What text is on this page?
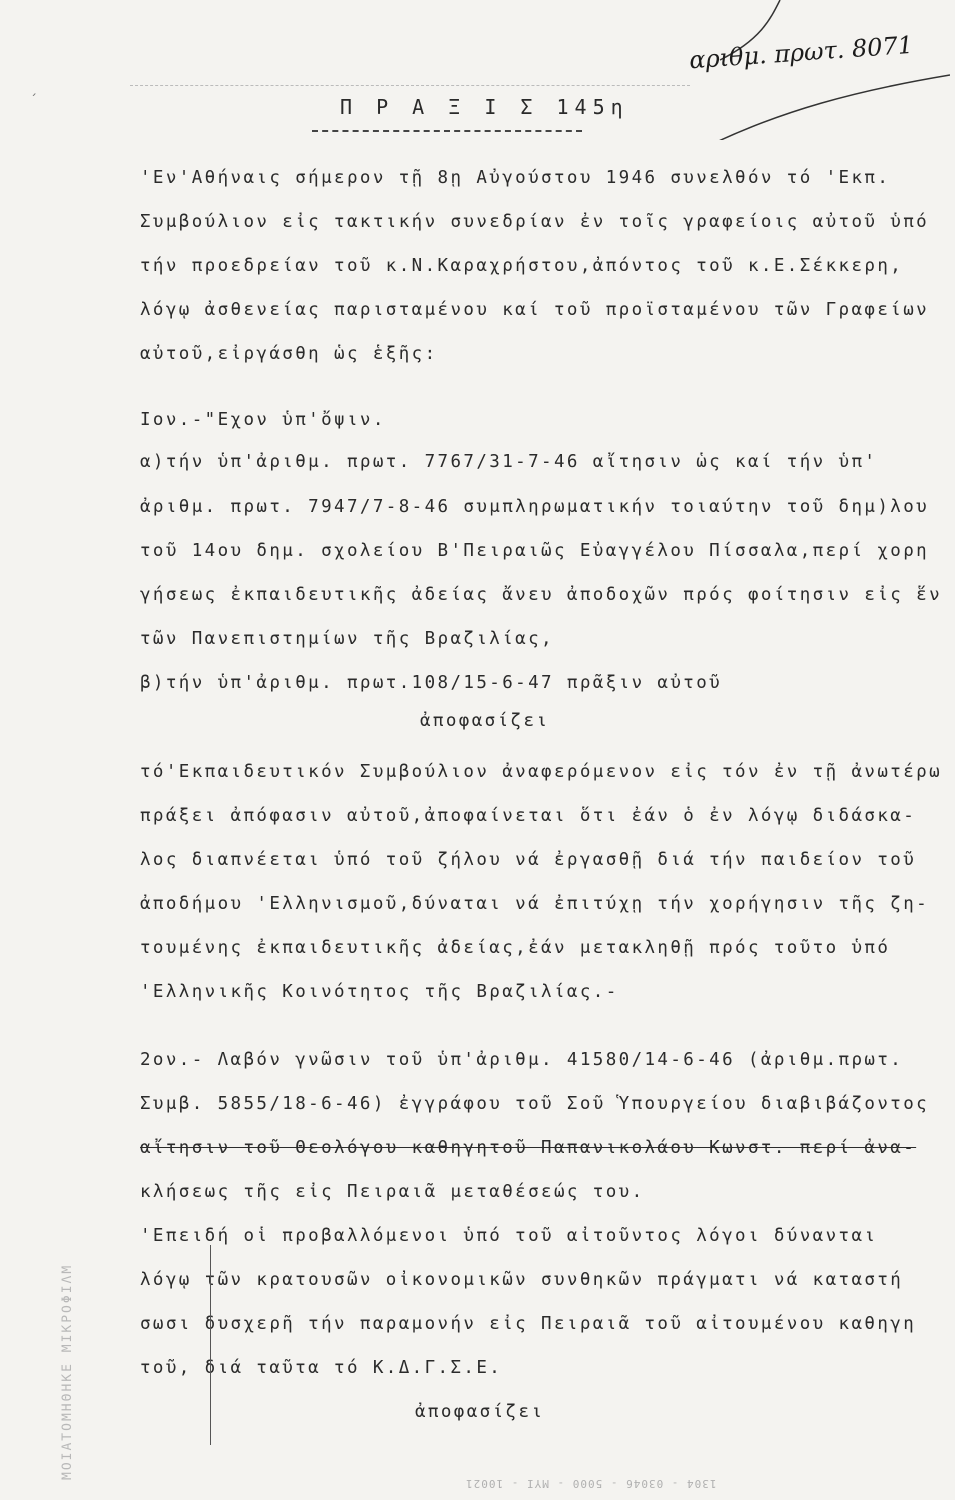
ˏ
αριθμ. πρωτ. 8071
Π Ρ Α Ξ Ι Σ 145η
'Εν'Αθήναις σήμερον τῇ 8ῃ Αὐγούστου 1946 συνελθόν τό 'Εκπ.
Συμβούλιον εἰς τακτικήν συνεδρίαν ἐν τοῖς γραφείοις αὐτοῦ ὑπό
τήν προεδρείαν τοῦ κ.Ν.Καραχρήστου,ἀπόντος τοῦ κ.Ε.Σέκκερη,
λόγῳ ἀσθενείας παρισταμένου καί τοῦ προϊσταμένου τῶν Γραφείων
αὐτοῦ,εἰργάσθη ὡς ἑξῆς:
Ιον.-"Εχον ὑπ'ὄψιν.
α)τήν ὑπ'ἀριθμ. πρωτ. 7767/31-7-46 αἴτησιν ὡς καί τήν ὑπ'
ἀριθμ. πρωτ. 7947/7-8-46 συμπληρωματικήν τοιαύτην τοῦ δημ)λου
τοῦ 14ου δημ. σχολείου Β'Πειραιῶς Εὐαγγέλου Πίσσαλα,περί χορη
γήσεως ἐκπαιδευτικῆς ἀδείας ἄνευ ἀποδοχῶν πρός φοίτησιν εἰς ἕν
τῶν Πανεπιστημίων τῆς Βραζιλίας,
β)τήν ὑπ'ἀριθμ. πρωτ.108/15-6-47 πρᾶξιν αὐτοῦ
ἀποφασίζει
τό'Εκπαιδευτικόν Συμβούλιον ἀναφερόμενον εἰς τόν ἐν τῇ ἀνωτέρω
πράξει ἀπόφασιν αὐτοῦ,ἀποφαίνεται ὅτι ἐάν ὁ ἐν λόγῳ διδάσκα-
λος διαπνέεται ὑπό τοῦ ζήλου νά ἐργασθῇ διά τήν παιδείον τοῦ
ἀποδήμου 'Ελληνισμοῦ,δύναται νά ἐπιτύχῃ τήν χορήγησιν τῆς ζη-
τουμένης ἐκπαιδευτικῆς ἀδείας,ἐάν μετακληθῇ πρός τοῦτο ὑπό
'Ελληνικῆς Κοινότητος τῆς Βραζιλίας.-
2ον.- Λαβόν γνῶσιν τοῦ ὑπ'ἀριθμ. 41580/14-6-46 (ἀριθμ.πρωτ.
Συμβ. 5855/18-6-46) ἐγγράφου τοῦ Σοῦ Ὑπουργείου διαβιβάζοντος
αἴτησιν τοῦ Θεολόγου καθηγητοῦ Παπανικολάου Κωνστ. περί ἀνα-
κλήσεως τῆς εἰς Πειραιᾶ μεταθέσεώς του.
'Επειδή οἱ προβαλλόμενοι ὑπό τοῦ αἰτοῦντος λόγοι δύνανται
λόγῳ τῶν κρατουσῶν οἰκονομικῶν συνθηκῶν πράγματι νά καταστή
σωσι δυσχερῆ τήν παραμονήν εἰς Πειραιᾶ τοῦ αἰτουμένου καθηγη
τοῦ, διά ταῦτα τό Κ.Δ.Γ.Σ.Ε.
ἀποφασίζει
ΜΟΙΑΤΟΜΗΘΗΚΕ ΜΙΚΡΟΦΙΛΜ
1304 - 03046 - 5000 - ΜΥΙ - 10021
